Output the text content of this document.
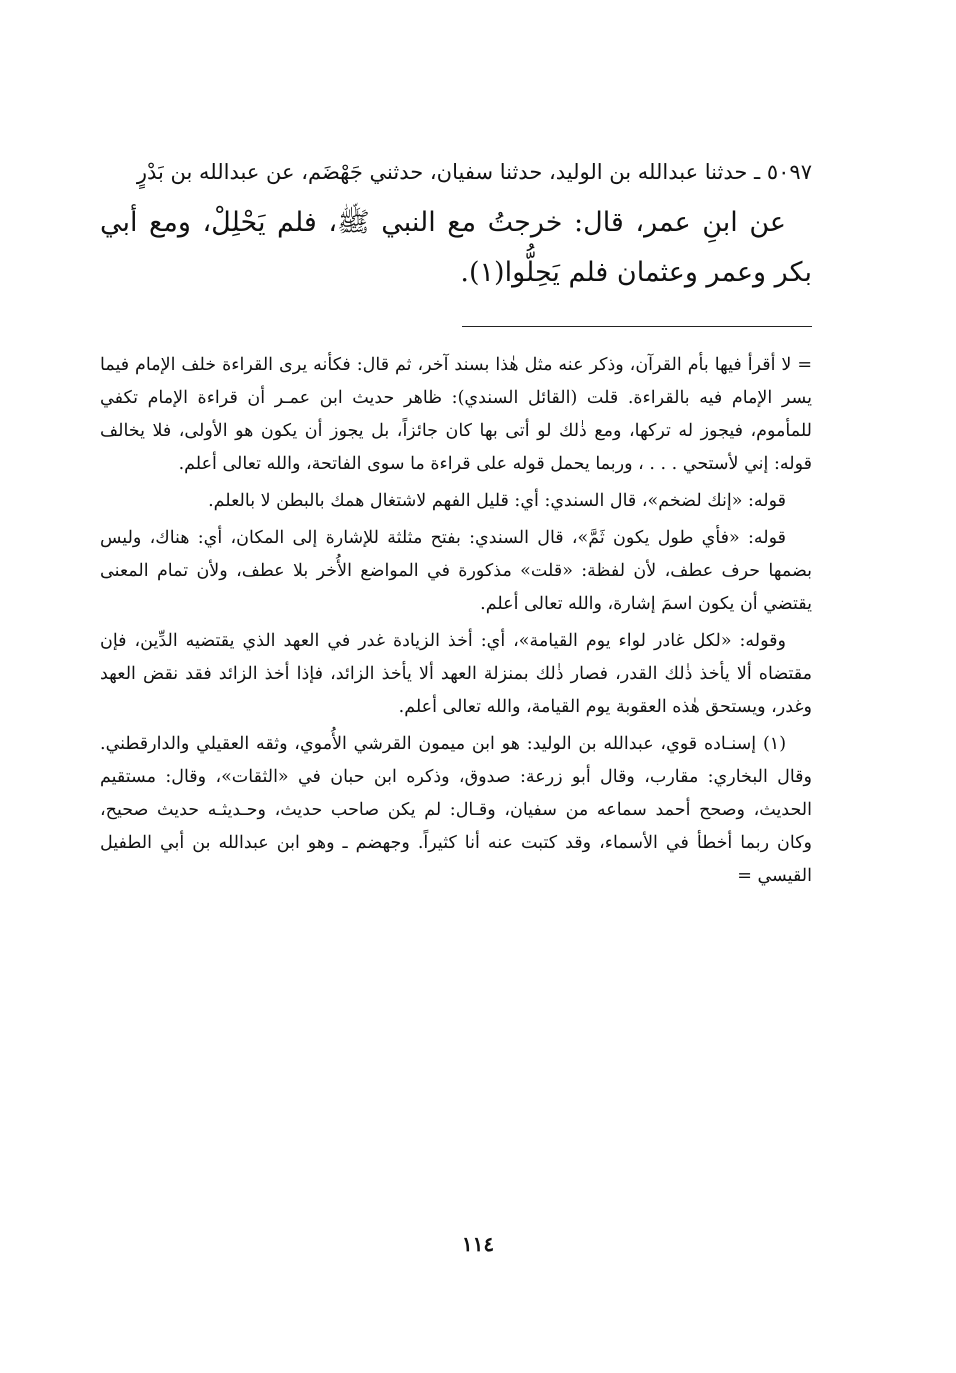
٥٠٩٧ ـ حدثنا عبدالله بن الوليد، حدثنا سفيان، حدثني جَهْضَم، عن عبدالله بن بَدْرٍ

عن ابنِ عمر، قال: خرجتُ مع النبي ﷺ، فلم يَحْلِلْ، ومع أبي بكر وعمر وعثمان فلم يَحِلُّوا(١).

= لا أقرأ فيها بأم القرآن، وذكر عنه مثل هٰذا بسند آخر، ثم قال: فكأنه يرى القراءة خلف الإمام فيما يسر الإمام فيه بالقراءة. قلت (القائل السندي): ظاهر حديث ابن عمـر أن قراءة الإمام تكفي للمأموم، فيجوز له تركها، ومع ذٰلك لو أتى بها كان جائزاً، بل يجوز أن يكون هو الأولى، فلا يخالف قوله: إني لأستحي . . . ، وربما يحمل قوله على قراءة ما سوى الفاتحة، والله تعالى أعلم.

قوله: «إنك لضخم»، قال السندي: أي: قليل الفهم لاشتغال همك بالبطن لا بالعلم.

قوله: «فأي طول يكون ثَمَّ»، قال السندي: بفتح مثلثة للإشارة إلى المكان، أي: هناك، وليس بضمها حرف عطف، لأن لفظة: «قلت» مذكورة في المواضع الأُخر بلا عطف، ولأن تمام المعنى يقتضي أن يكون اسمَ إشارة، والله تعالى أعلم.

وقوله: «لكل غادر لواء يوم القيامة»، أي: أخذ الزيادة غدر في العهد الذي يقتضيه الدِّين، فإن مقتضاه ألا يأخذ ذٰلك القدر، فصار ذٰلك بمنزلة العهد ألا يأخذ الزائد، فإذا أخذ الزائد فقد نقض العهد وغدر، ويستحق هٰذه العقوبة يوم القيامة، والله تعالى أعلم.

(١) إسنـاده قوي، عبدالله بن الوليد: هو ابن ميمون القرشي الأُموي، وثقه العقيلي والدارقطني. وقال البخاري: مقارب، وقال أبو زرعة: صدوق، وذكره ابن حبان في «الثقات»، وقال: مستقيم الحديث، وصحح أحمد سماعه من سفيان، وقـال: لم يكن صاحب حديث، وحـديثـه حديث صحيح، وكان ربما أخطأ في الأسماء، وقد كتبت عنه أنا كثيراً. وجهضم ـ وهو ابن عبدالله بن أبي الطفيل القيسي =

١١٤
